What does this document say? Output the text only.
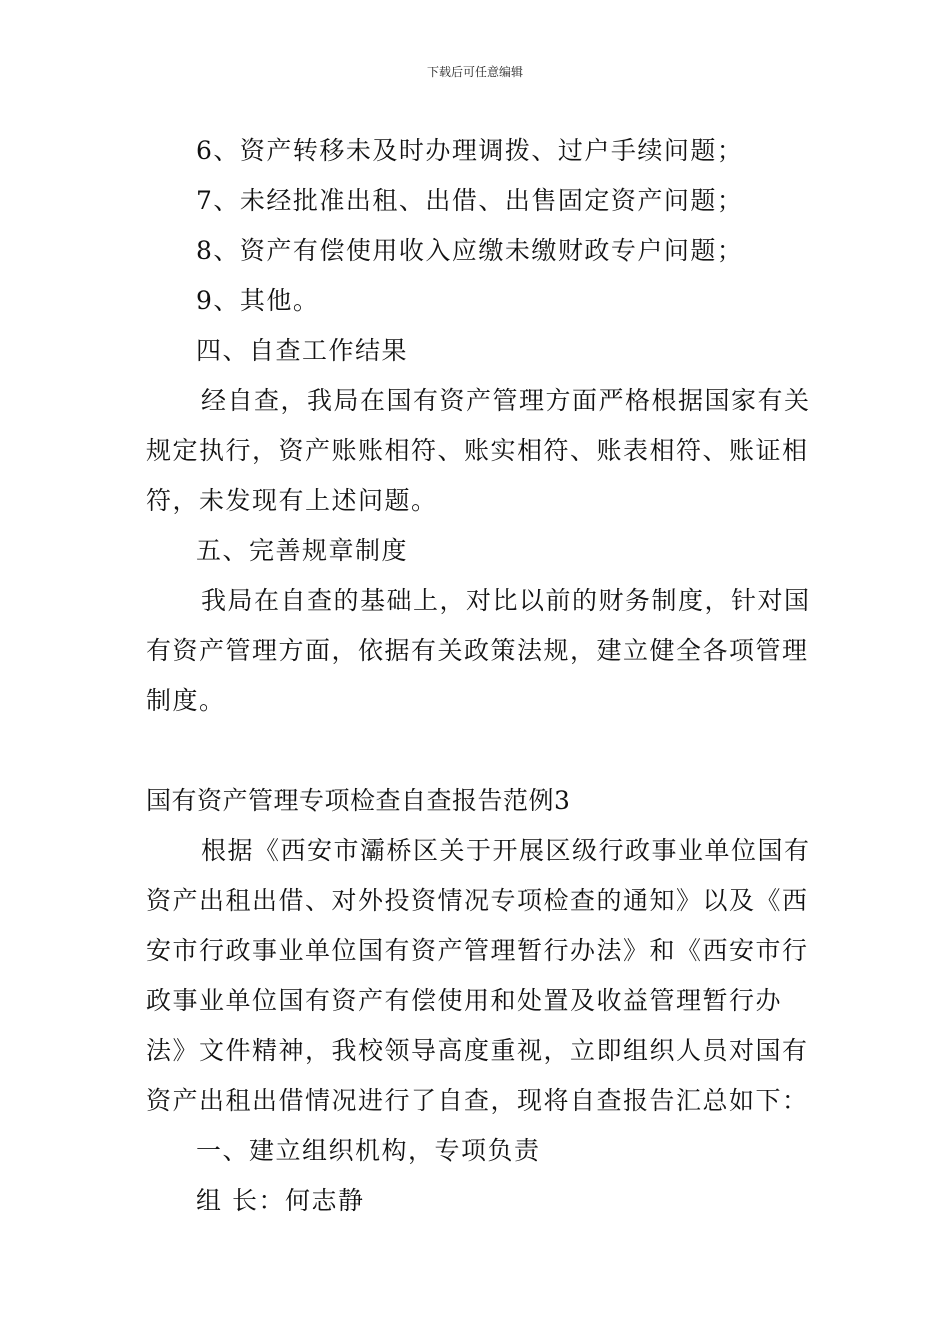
下载后可任意编辑
6、资产转移未及时办理调拨、过户手续问题；
7、未经批准出租、出借、出售固定资产问题；
8、资产有偿使用收入应缴未缴财政专户问题；
9、其他。
四、自查工作结果
经自查，我局在国有资产管理方面严格根据国家有关
规定执行，资产账账相符、账实相符、账表相符、账证相
符，未发现有上述问题。
五、完善规章制度
我局在自查的基础上，对比以前的财务制度，针对国
有资产管理方面，依据有关政策法规，建立健全各项管理
制度。
国有资产管理专项检查自查报告范例3
根据《西安市灞桥区关于开展区级行政事业单位国有
资产出租出借、对外投资情况专项检查的通知》以及《西
安市行政事业单位国有资产管理暂行办法》和《西安市行
政事业单位国有资产有偿使用和处置及收益管理暂行办
法》文件精神，我校领导高度重视，立即组织人员对国有
资产出租出借情况进行了自查，现将自查报告汇总如下：
一、建立组织机构，专项负责
组 长：何志静
